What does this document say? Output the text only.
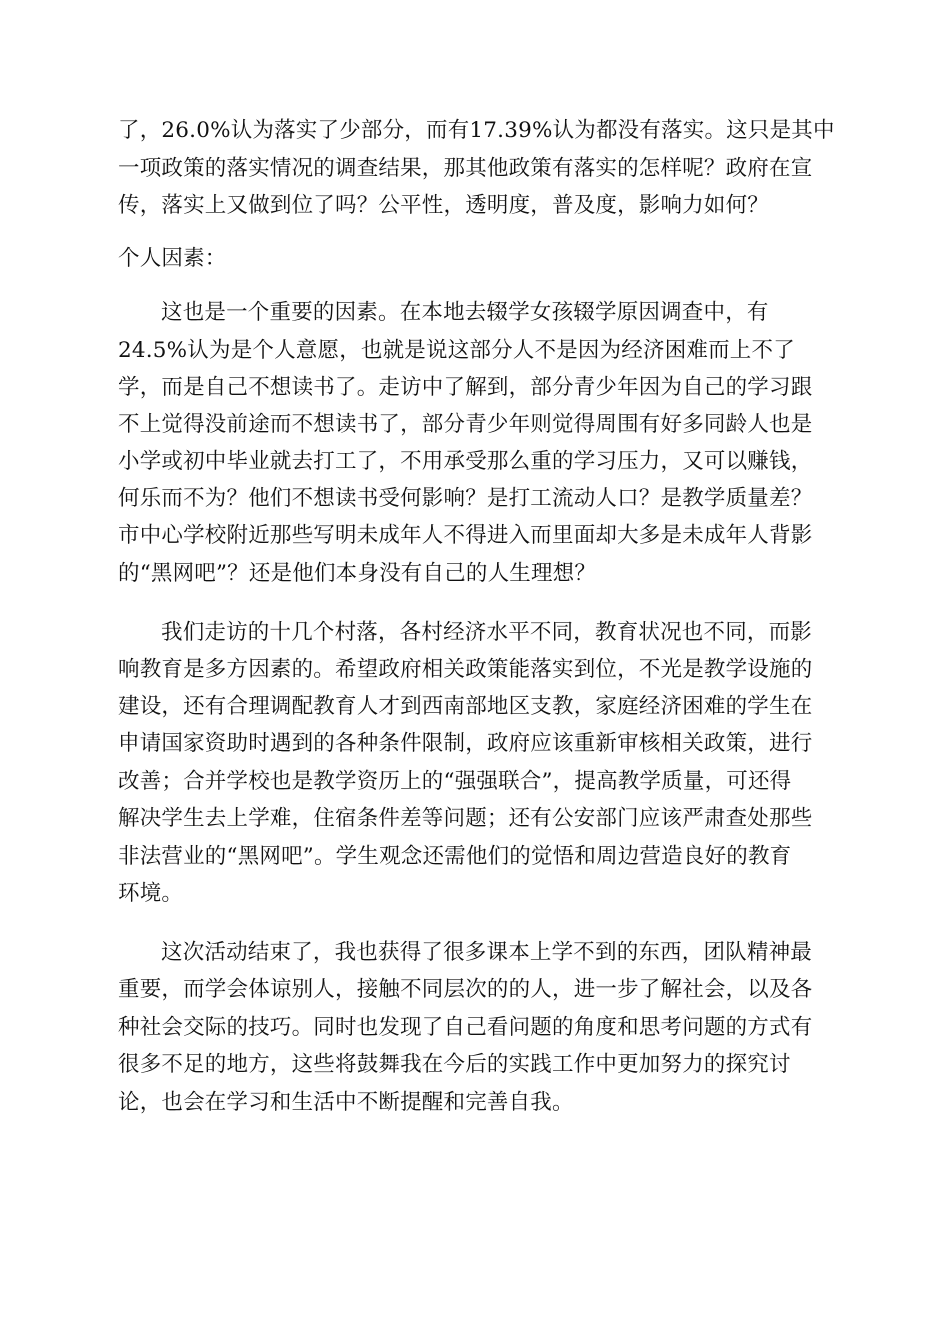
了，26.0%认为落实了少部分，而有17.39%认为都没有落实。这只是其中
一项政策的落实情况的调查结果，那其他政策有落实的怎样呢？政府在宣
传，落实上又做到位了吗？公平性，透明度，普及度，影响力如何？
个人因素：
这也是一个重要的因素。在本地去辍学女孩辍学原因调查中，有
24.5%认为是个人意愿，也就是说这部分人不是因为经济困难而上不了
学，而是自己不想读书了。走访中了解到，部分青少年因为自己的学习跟
不上觉得没前途而不想读书了，部分青少年则觉得周围有好多同龄人也是
小学或初中毕业就去打工了，不用承受那么重的学习压力，又可以赚钱，
何乐而不为？他们不想读书受何影响？是打工流动人口？是教学质量差？
市中心学校附近那些写明未成年人不得进入而里面却大多是未成年人背影
的“黑网吧”？还是他们本身没有自己的人生理想？
我们走访的十几个村落，各村经济水平不同，教育状况也不同，而影
响教育是多方因素的。希望政府相关政策能落实到位，不光是教学设施的
建设，还有合理调配教育人才到西南部地区支教，家庭经济困难的学生在
申请国家资助时遇到的各种条件限制，政府应该重新审核相关政策，进行
改善；合并学校也是教学资历上的“强强联合”，提高教学质量，可还得
解决学生去上学难，住宿条件差等问题；还有公安部门应该严肃查处那些
非法营业的“黑网吧”。学生观念还需他们的觉悟和周边营造良好的教育
环境。
这次活动结束了，我也获得了很多课本上学不到的东西，团队精神最
重要，而学会体谅别人，接触不同层次的的人，进一步了解社会，以及各
种社会交际的技巧。同时也发现了自己看问题的角度和思考问题的方式有
很多不足的地方，这些将鼓舞我在今后的实践工作中更加努力的探究讨
论，也会在学习和生活中不断提醒和完善自我。
